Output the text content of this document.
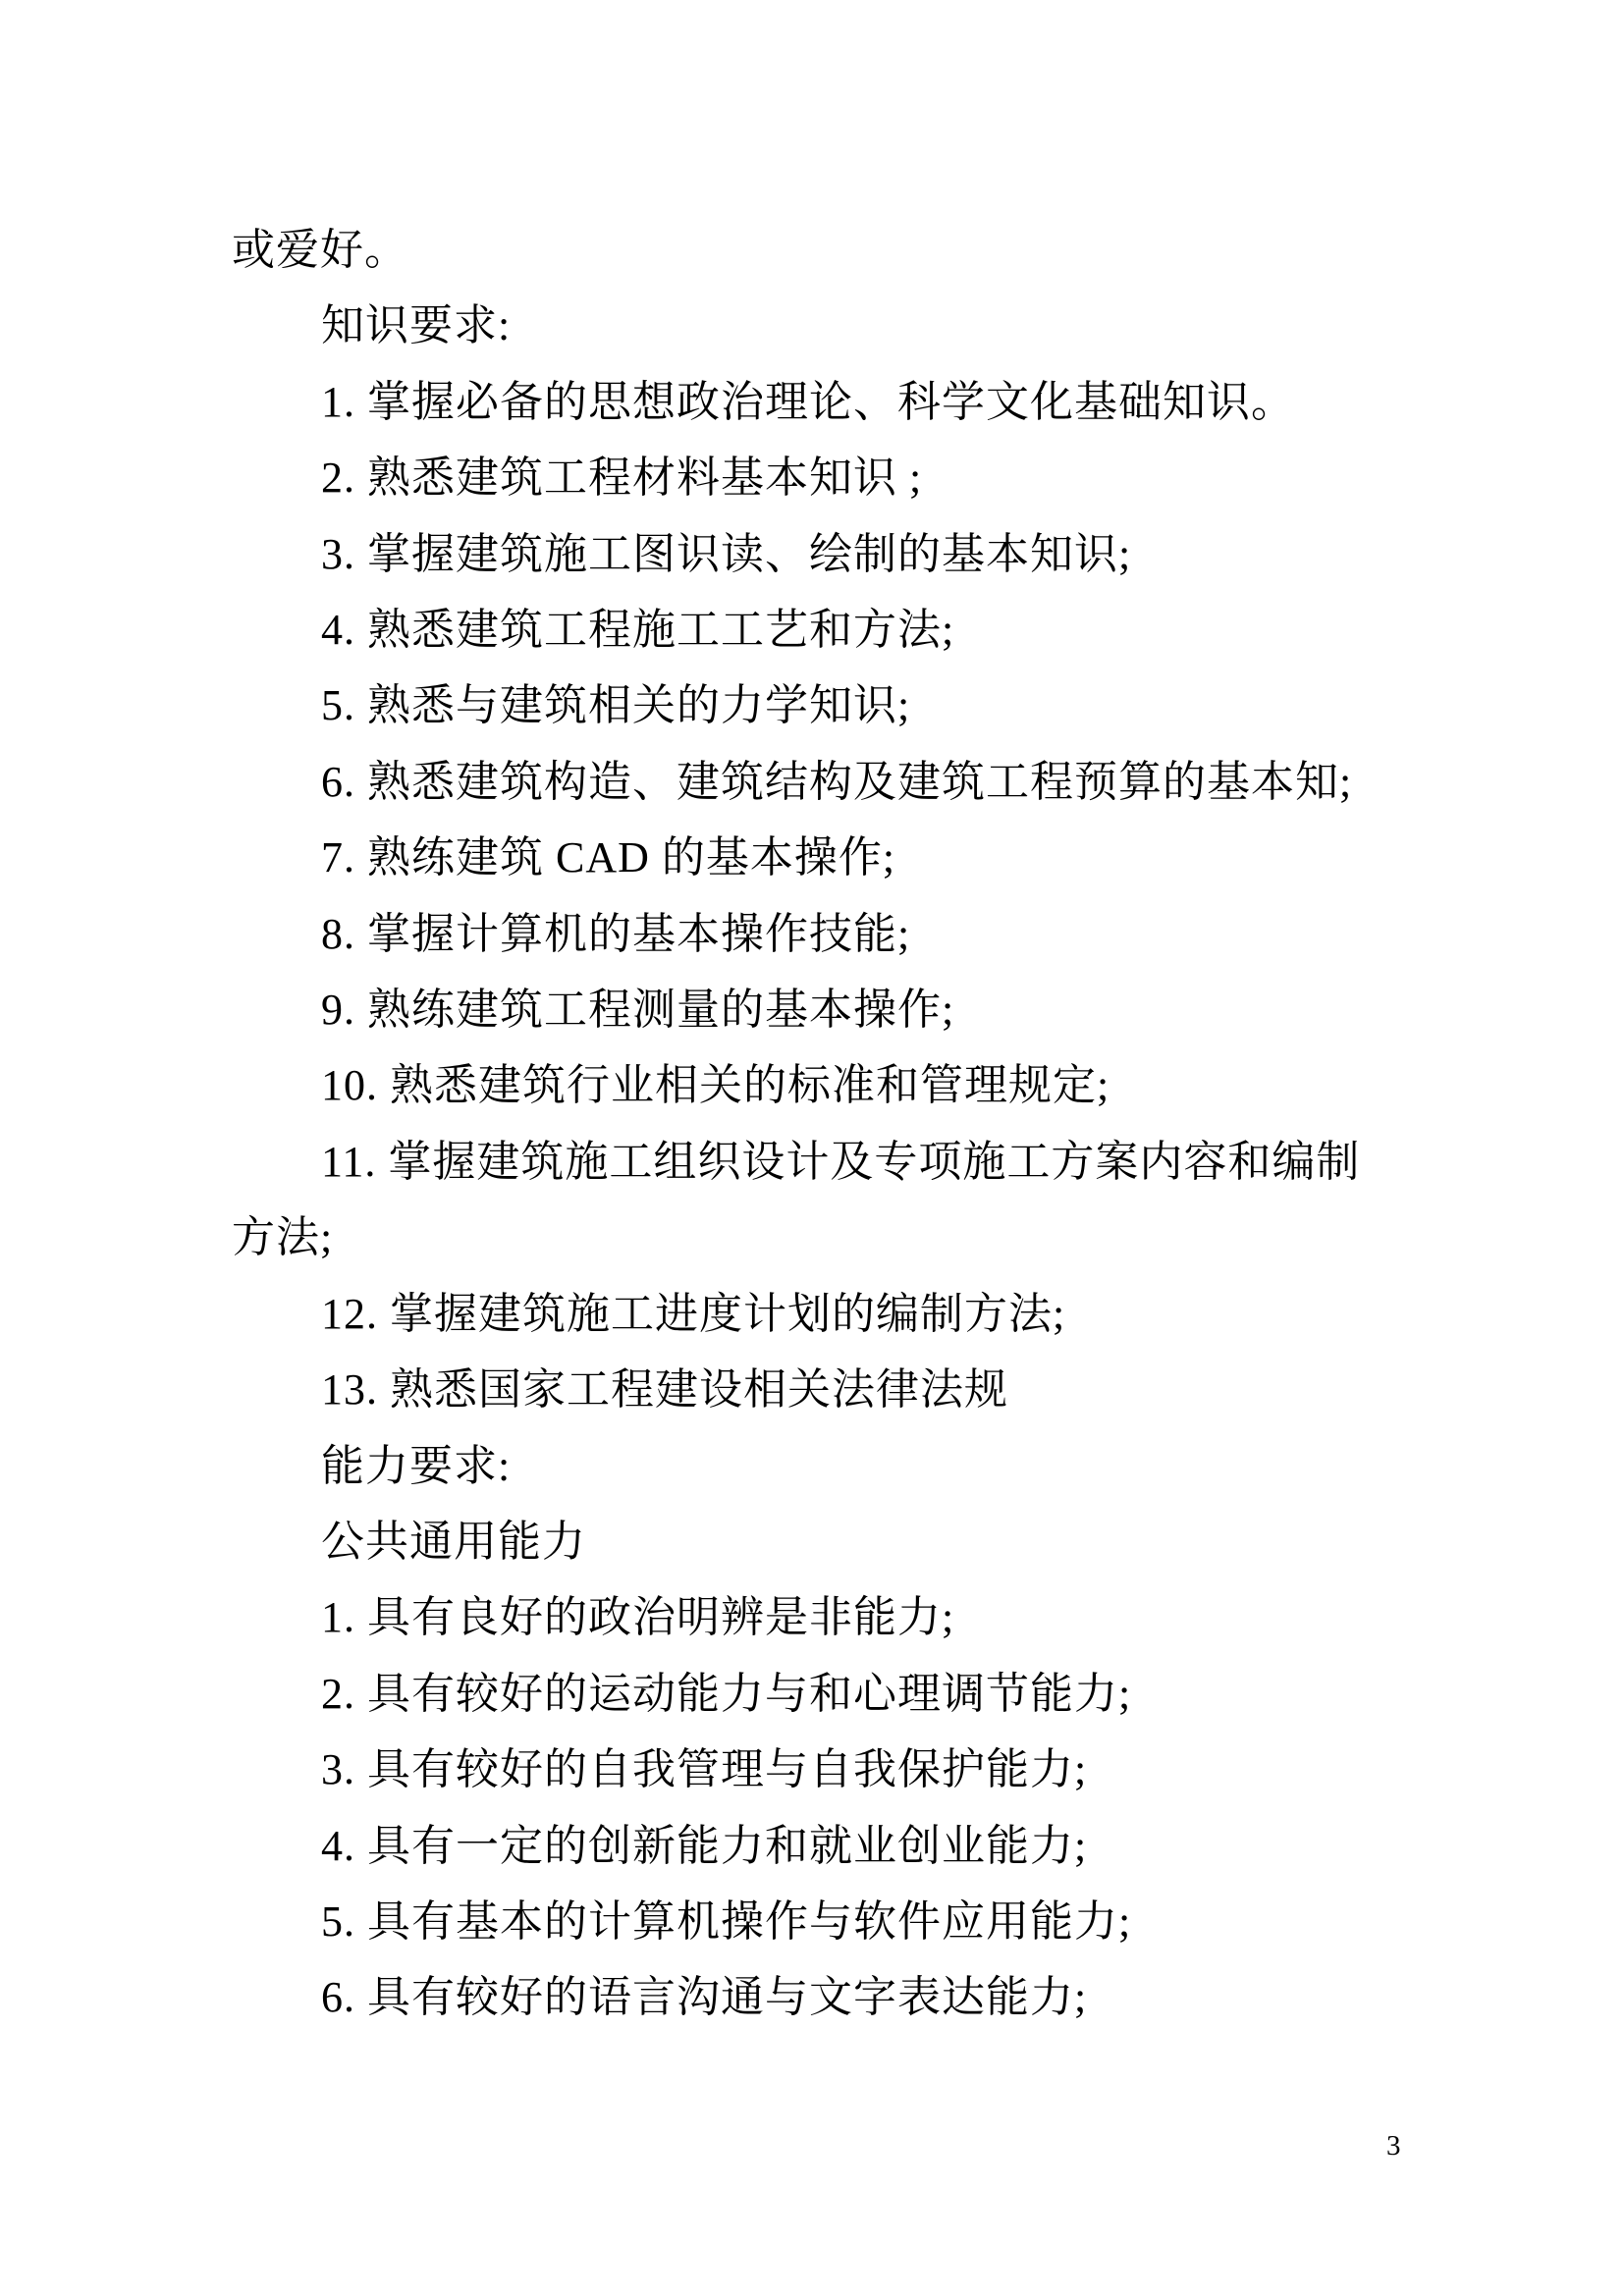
或爱好。

知识要求:

1. 掌握必备的思想政治理论、科学文化基础知识。

2. 熟悉建筑工程材料基本知识 ;

3. 掌握建筑施工图识读、绘制的基本知识;

4. 熟悉建筑工程施工工艺和方法;

5. 熟悉与建筑相关的力学知识;

6. 熟悉建筑构造、建筑结构及建筑工程预算的基本知;

7. 熟练建筑 CAD 的基本操作;

8. 掌握计算机的基本操作技能;

9. 熟练建筑工程测量的基本操作;

10. 熟悉建筑行业相关的标准和管理规定;

11. 掌握建筑施工组织设计及专项施工方案内容和编制方法;

12. 掌握建筑施工进度计划的编制方法;

13. 熟悉国家工程建设相关法律法规

能力要求:

公共通用能力

1. 具有良好的政治明辨是非能力;

2. 具有较好的运动能力与和心理调节能力;

3. 具有较好的自我管理与自我保护能力;

4. 具有一定的创新能力和就业创业能力;

5. 具有基本的计算机操作与软件应用能力;

6. 具有较好的语言沟通与文字表达能力;

3
